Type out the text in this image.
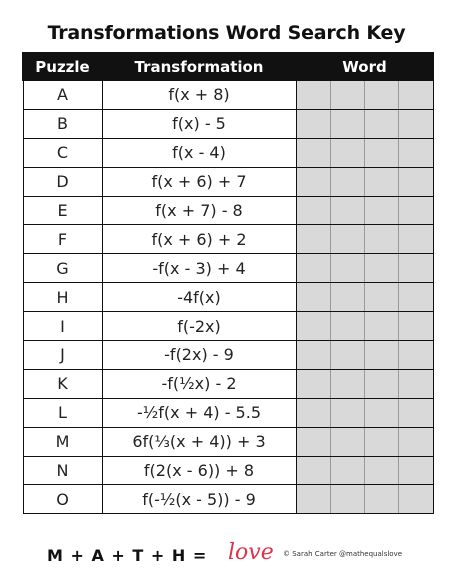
Transformations Word Search Key
Puzzle	Transformation	Word
A	f(x + 8)	

B	f(x) - 5	

C	f(x - 4)	

D	f(x + 6) + 7	

E	f(x + 7) - 8	

F	f(x + 6) + 2	

G	-f(x - 3) + 4	

H	-4f(x)	

I	f(-2x)	

J	-f(2x) - 9	

K	-f(½x) - 2	

L	-½f(x + 4) - 5.5	

M	6f(⅓(x + 4)) + 3	

N	f(2(x - 6)) + 8	

O	f(-½(x - 5)) - 9	
M + A + T + H = love © Sarah Carter @mathequalslove
